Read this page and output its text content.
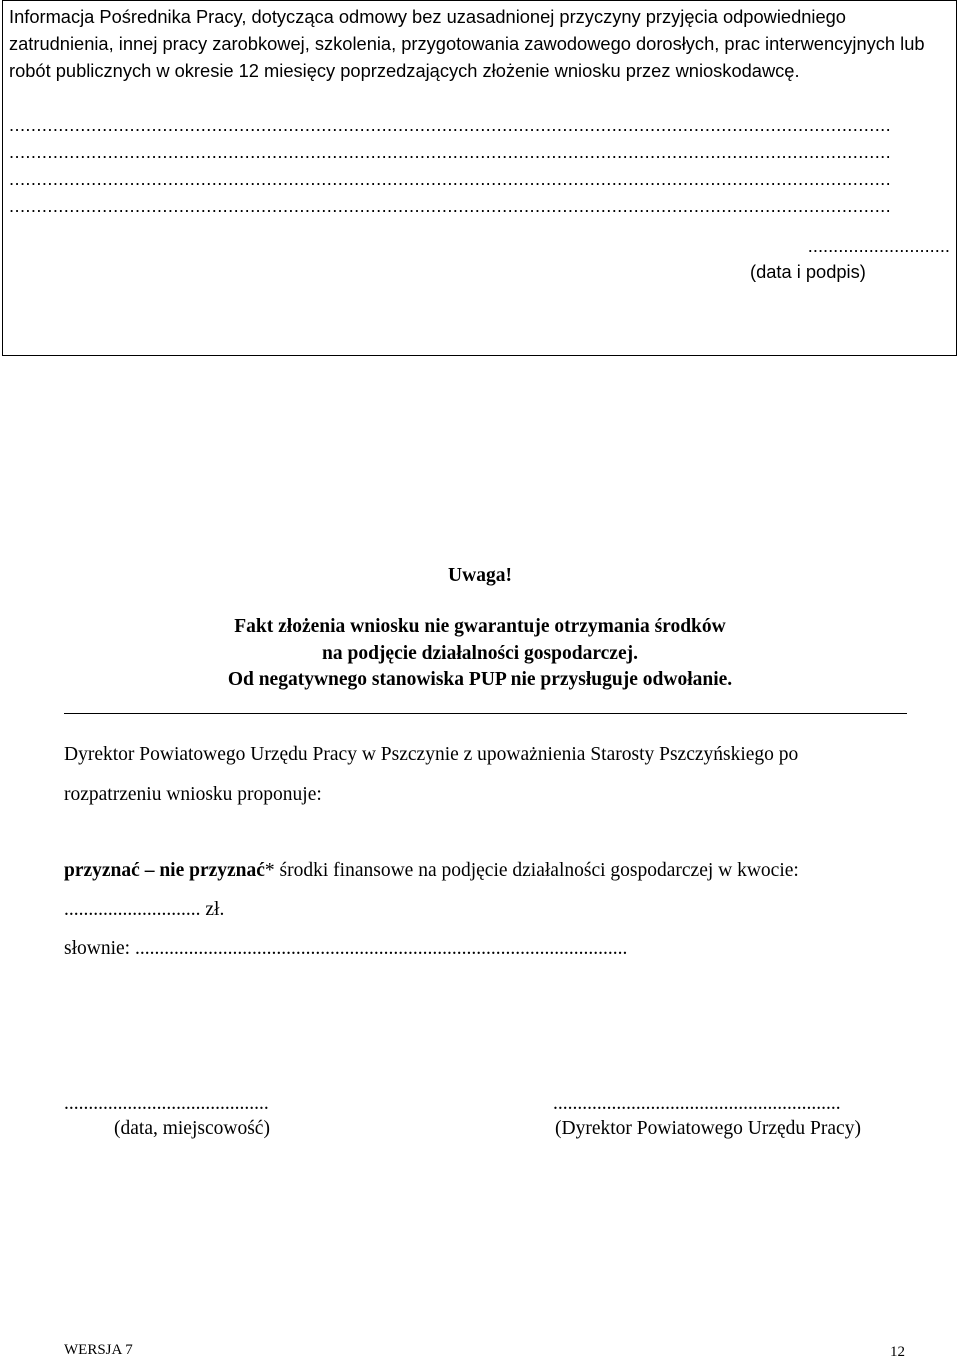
Informacja Pośrednika Pracy, dotycząca odmowy bez uzasadnionej przyczyny przyjęcia odpowiedniego zatrudnienia, innej pracy zarobkowej, szkolenia, przygotowania zawodowego dorosłych, prac interwencyjnych lub robót publicznych w okresie 12 miesięcy poprzedzających złożenie wniosku przez wnioskodawcę.
.................................................................................................................................................................
.................................................................................................................................................................
.................................................................................................................................................................
.................................................................................................................................................................
............................
(data i podpis)
Uwaga!
Fakt złożenia wniosku nie gwarantuje otrzymania środków
na podjęcie działalności gospodarczej.
Od negatywnego stanowiska PUP nie przysługuje odwołanie.
Dyrektor Powiatowego Urzędu Pracy w Pszczynie z upoważnienia Starosty Pszczyńskiego po
rozpatrzeniu wniosku proponuje:
przyznać – nie przyznać* środki finansowe na podjęcie działalności gospodarczej w kwocie:
............................ zł.
słownie: .....................................................................................................
..........................................
(data, miejscowość)
...........................................................
(Dyrektor Powiatowego Urzędu Pracy)
WERSJA 7	12
